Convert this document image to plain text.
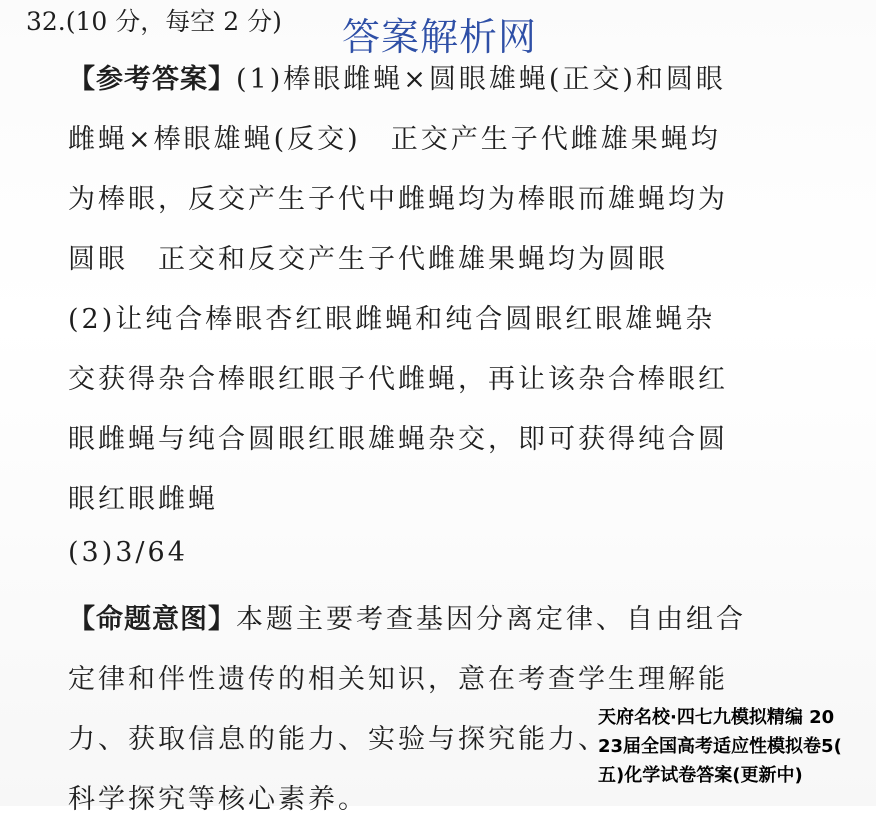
32.(10 分，每空 2 分) 答案解析网
【参考答案】(1)棒眼雌蝇×圆眼雄蝇(正交)和圆眼
雌蝇×棒眼雄蝇(反交)　正交产生子代雌雄果蝇均
为棒眼，反交产生子代中雌蝇均为棒眼而雄蝇均为
圆眼　正交和反交产生子代雌雄果蝇均为圆眼
(2)让纯合棒眼杏红眼雌蝇和纯合圆眼红眼雄蝇杂
交获得杂合棒眼红眼子代雌蝇，再让该杂合棒眼红
眼雌蝇与纯合圆眼红眼雄蝇杂交，即可获得纯合圆
眼红眼雌蝇
(3)3/64
【命题意图】本题主要考查基因分离定律、自由组合
定律和伴性遗传的相关知识，意在考查学生理解能
力、获取信息的能力、实验与探究能力、
科学探究等核心素养。
天府名校·四七九模拟精编 20
23届全国高考适应性模拟卷5(
五)化学试卷答案(更新中)
